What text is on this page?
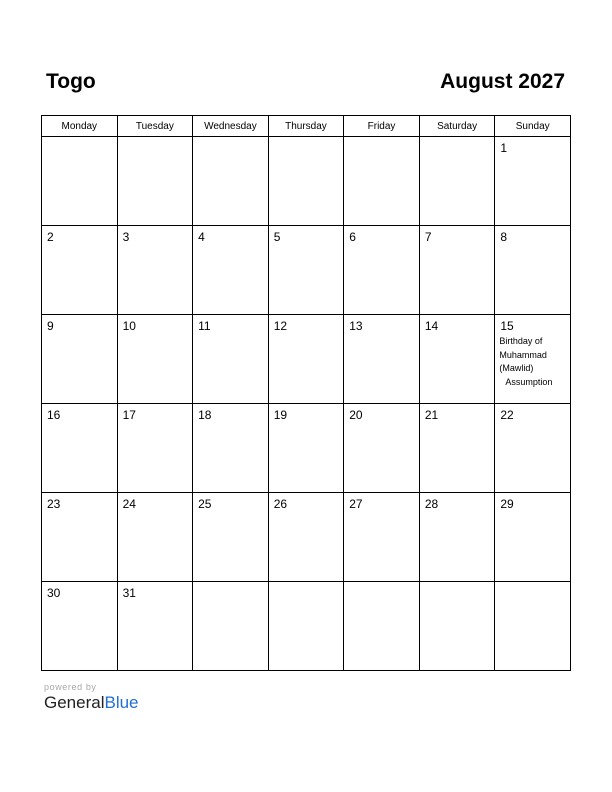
Togo	August 2027
Monday	Tuesday	Wednesday	Thursday	Friday	Saturday	Sunday

						1

2	3	4	5	6	7	8

9	10	11	12	13	14	15
Birthday of Muhammad (Mawlid)
Assumption

16	17	18	19	20	21	22

23	24	25	26	27	28	29

30	31					

powered by
GeneralBlue
